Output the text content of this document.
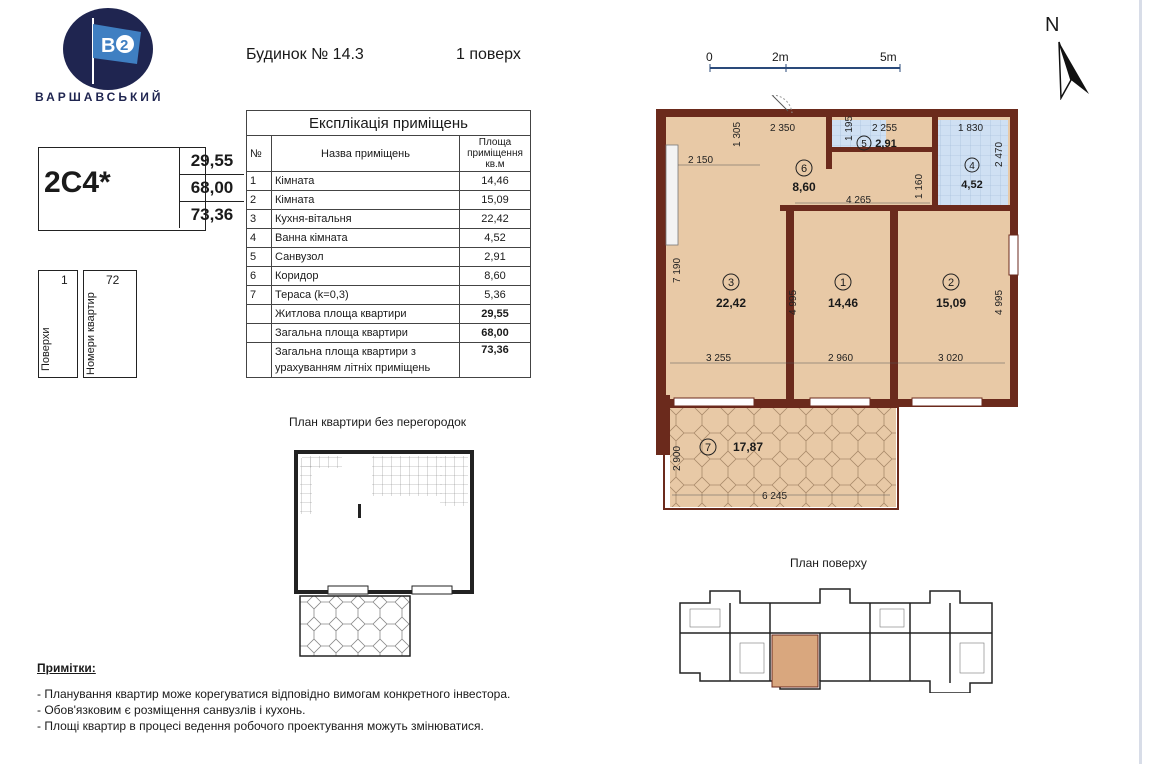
B 2
ВАРШАВСЬКИЙ
Будинок № 14.3	1 поверх
29,55
68,00
73,36
2С4*
Поверхи
1
Номери квартир
72
Експлікація приміщень		
№	Назва приміщень	Площа приміщення кв.м
1	Кімната	14,46
2	Кімната	15,09
3	Кухня-вітальня	22,42
4	Ванна кімната	4,52
5	Санвузол	2,91
6	Коридор	8,60
7	Тераса (k=0,3)	5,36
	Житлова площа квартири	29,55
	Загальна площа квартири	68,00
	Загальна площа квартири з урахуванням літніх приміщень	73,36
0	2m	5m
N
3
22,42
1
14,46
2
15,09
6
8,60
5 2,91
4
4,52
7 17,87
2 350	2 255	1 830
2 150
4 265
3 255	2 960	3 020
6 245
1 305	1 195
2 470
1 160
7 190
4 995	4 995
2 900
План квартири без перегородок
План поверху
Примітки:
- Планування квартир може корегуватися відповідно вимогам конкретного інвестора.
- Обов'язковим є розміщення санвузлів і кухонь.
- Площі квартир в процесі ведення робочого проектування можуть змінюватися.
